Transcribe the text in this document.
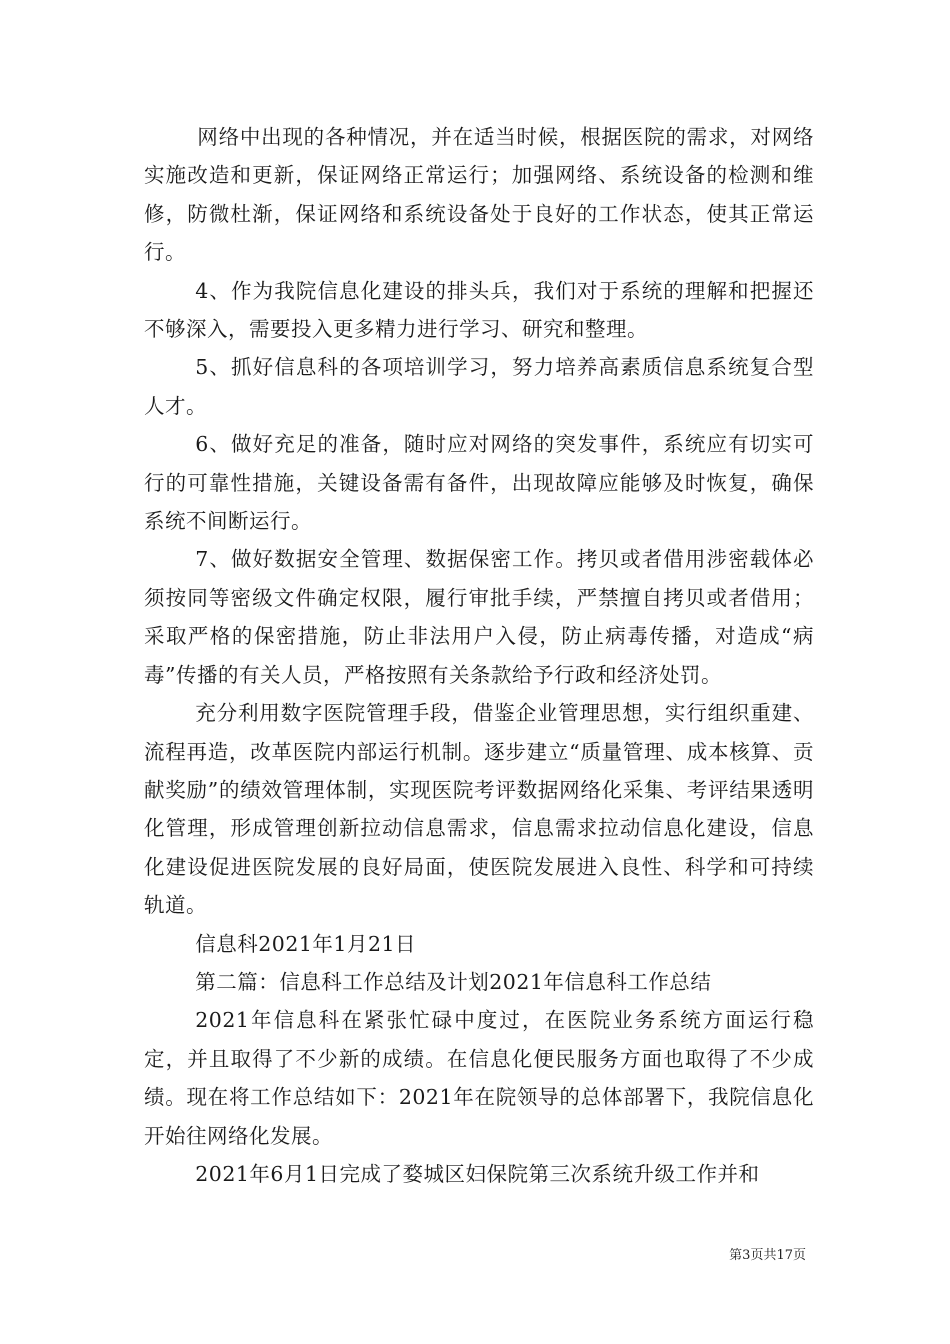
网络中出现的各种情况，并在适当时候，根据医院的需求，对网络实施改造和更新，保证网络正常运行；加强网络、系统设备的检测和维修，防微杜渐，保证网络和系统设备处于良好的工作状态，使其正常运行。

4、作为我院信息化建设的排头兵，我们对于系统的理解和把握还不够深入，需要投入更多精力进行学习、研究和整理。

5、抓好信息科的各项培训学习，努力培养高素质信息系统复合型人才。

6、做好充足的准备，随时应对网络的突发事件，系统应有切实可行的可靠性措施，关键设备需有备件，出现故障应能够及时恢复，确保系统不间断运行。

7、做好数据安全管理、数据保密工作。拷贝或者借用涉密载体必须按同等密级文件确定权限，履行审批手续，严禁擅自拷贝或者借用；采取严格的保密措施，防止非法用户入侵，防止病毒传播，对造成“病毒”传播的有关人员，严格按照有关条款给予行政和经济处罚。

充分利用数字医院管理手段，借鉴企业管理思想，实行组织重建、流程再造，改革医院内部运行机制。逐步建立“质量管理、成本核算、贡献奖励”的绩效管理体制，实现医院考评数据网络化采集、考评结果透明化管理，形成管理创新拉动信息需求，信息需求拉动信息化建设，信息化建设促进医院发展的良好局面，使医院发展进入良性、科学和可持续轨道。

信息科2021年1月21日

第二篇：信息科工作总结及计划2021年信息科工作总结

2021年信息科在紧张忙碌中度过，在医院业务系统方面运行稳定，并且取得了不少新的成绩。在信息化便民服务方面也取得了不少成绩。现在将工作总结如下：2021年在院领导的总体部署下，我院信息化开始往网络化发展。

2021年6月1日完成了婺城区妇保院第三次系统升级工作并和

第3页共17页
